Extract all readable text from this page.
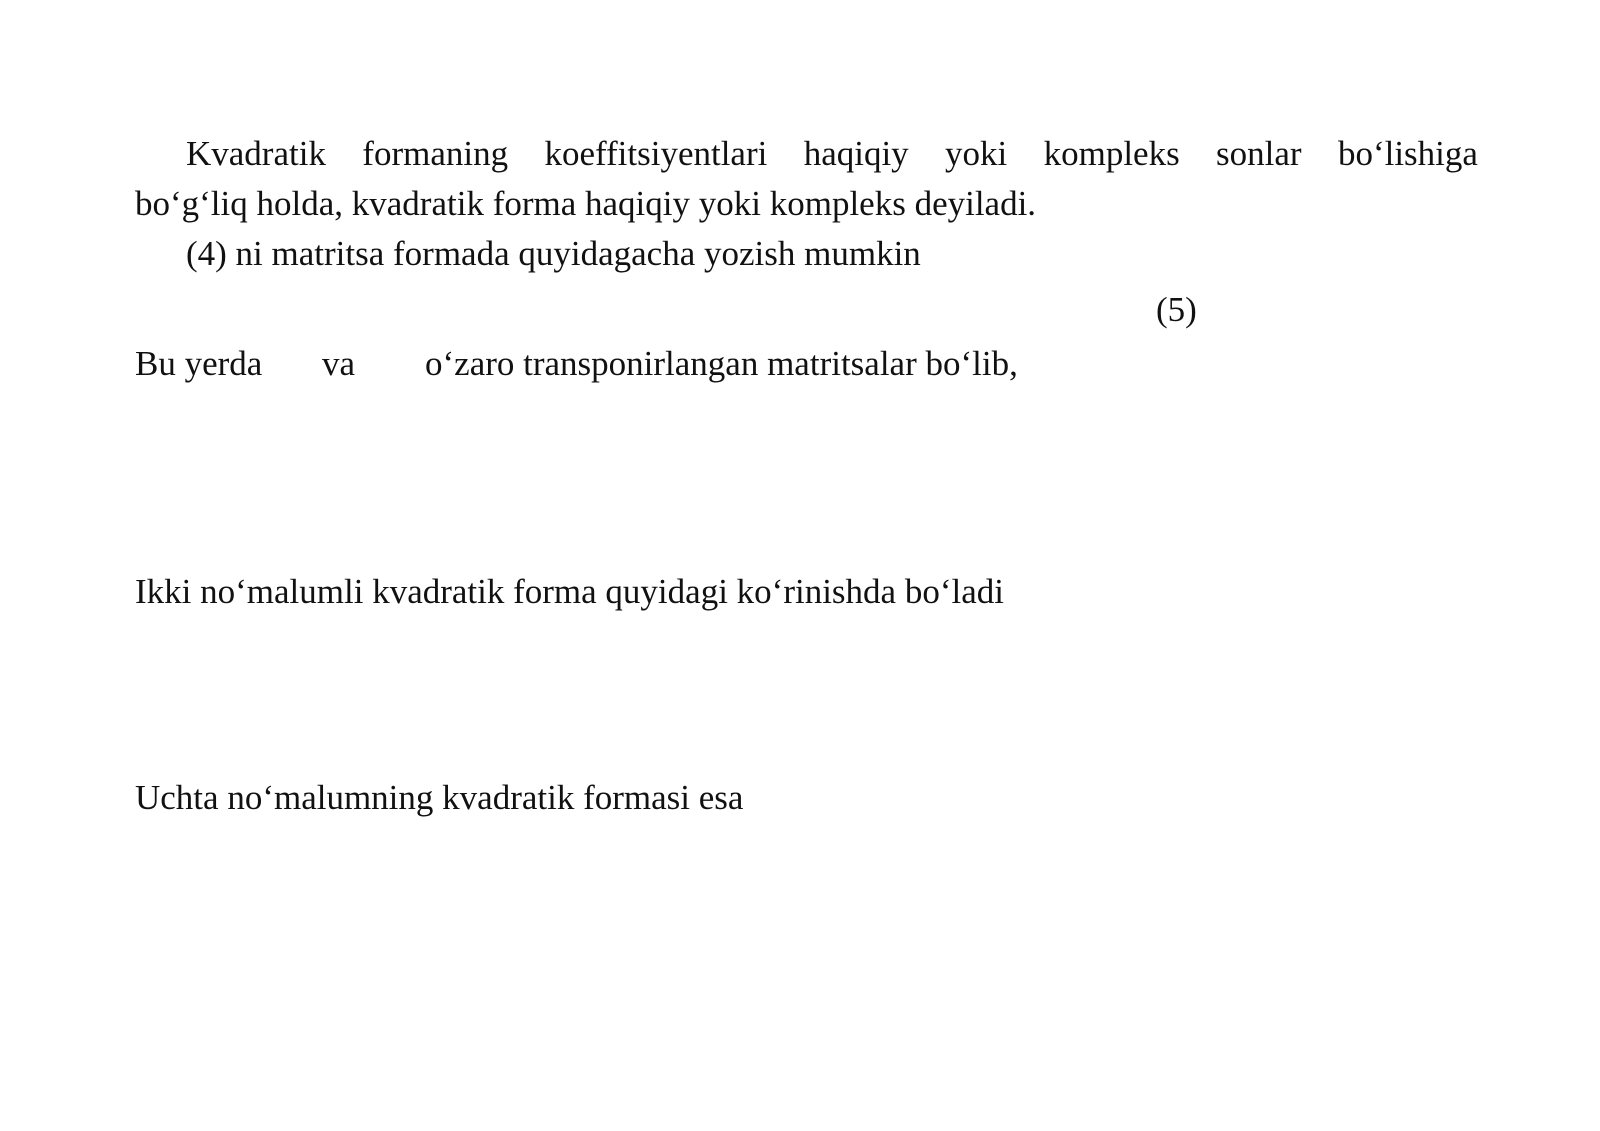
Kvadratik formaning koeffitsiyentlari haqiqiy yoki kompleks sonlar bo‘lishiga
bo‘g‘liq holda, kvadratik forma haqiqiy yoki kompleks deyiladi.
(4) ni matritsa formada quyidagacha yozish mumkin
(5)
Bu yerda va o‘zaro transponirlangan matritsalar bo‘lib,
Ikki no‘malumli kvadratik forma quyidagi ko‘rinishda bo‘ladi
Uchta no‘malumning kvadratik formasi esa
